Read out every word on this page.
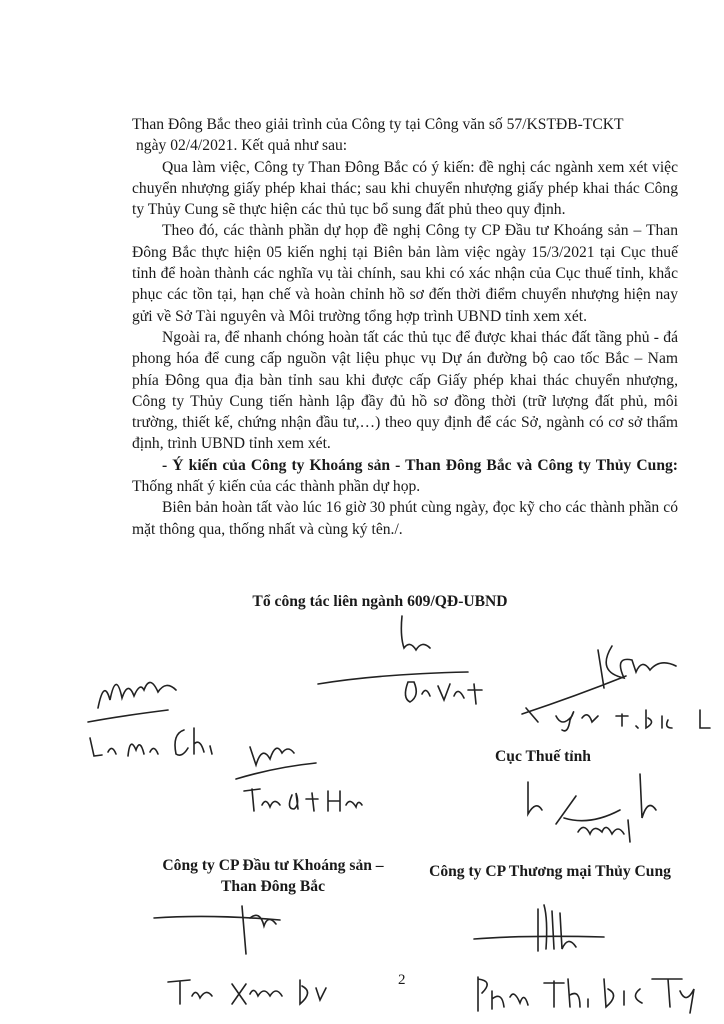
Than Đông Bắc theo giải trình của Công ty tại Công văn số 57/KSTĐB-TCKT

ngày 02/4/2021. Kết quả như sau:

Qua làm việc, Công ty Than Đông Bắc có ý kiến: đề nghị các ngành xem xét việc chuyển nhượng giấy phép khai thác; sau khi chuyển nhượng giấy phép khai thác Công ty Thủy Cung sẽ thực hiện các thủ tục bổ sung đất phủ theo quy định.

Theo đó, các thành phần dự họp đề nghị Công ty CP Đầu tư Khoáng sản – Than Đông Bắc thực hiện 05 kiến nghị tại Biên bản làm việc ngày 15/3/2021 tại Cục thuế tỉnh để hoàn thành các nghĩa vụ tài chính, sau khi có xác nhận của Cục thuế tỉnh, khắc phục các tồn tại, hạn chế và hoàn chỉnh hồ sơ đến thời điểm chuyển nhượng hiện nay gửi về Sở Tài nguyên và Môi trường tổng hợp trình UBND tỉnh xem xét.

Ngoài ra, để nhanh chóng hoàn tất các thủ tục để được khai thác đất tầng phủ - đá phong hóa để cung cấp nguồn vật liệu phục vụ Dự án đường bộ cao tốc Bắc – Nam phía Đông qua địa bàn tỉnh sau khi được cấp Giấy phép khai thác chuyển nhượng, Công ty Thủy Cung tiến hành lập đầy đủ hồ sơ đồng thời (trữ lượng đất phủ, môi trường, thiết kế, chứng nhận đầu tư,…) theo quy định để các Sở, ngành có cơ sở thẩm định, trình UBND tỉnh xem xét.

- Ý kiến của Công ty Khoáng sản - Than Đông Bắc và Công ty Thủy Cung: Thống nhất ý kiến của các thành phần dự họp.

Biên bản hoàn tất vào lúc 16 giờ 30 phút cùng ngày, đọc kỹ cho các thành phần có mặt thông qua, thống nhất và cùng ký tên./.

Tổ công tác liên ngành 609/QĐ-UBND
Cục Thuế tỉnh
Công ty CP Đầu tư Khoáng sản –
Than Đông Bắc
Công ty CP Thương mại Thủy Cung
2
